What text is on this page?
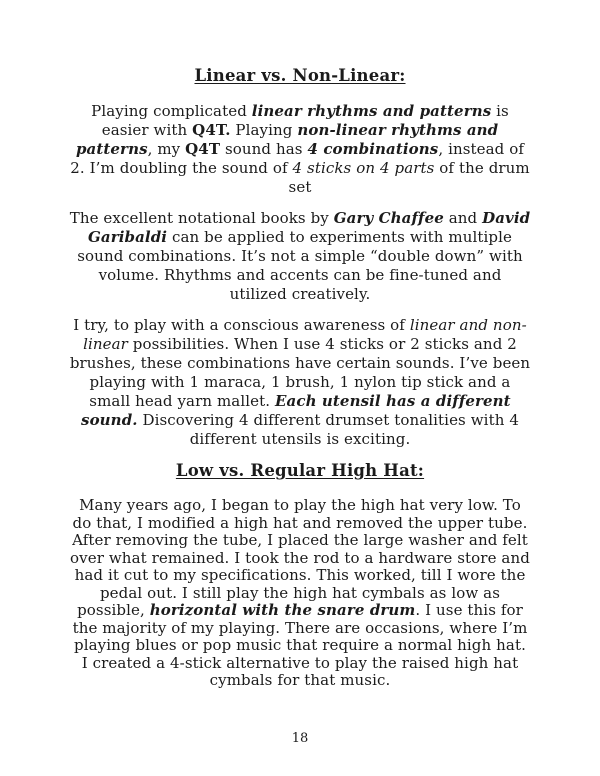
Linear vs. Non-Linear:

Playing complicated linear rhythms and patterns is easier with Q4T. Playing non-linear rhythms and patterns, my Q4T sound has 4 combinations, instead of 2. I’m doubling the sound of 4 sticks on 4 parts of the drum set

The excellent notational books by Gary Chaffee and David Garibaldi can be applied to experiments with multiple sound combinations. It’s not a simple “double down” with volume. Rhythms and accents can be fine-tuned and utilized creatively.

I try, to play with a conscious awareness of linear and non-linear possibilities. When I use 4 sticks or 2 sticks and 2 brushes, these combinations have certain sounds. I’ve been playing with 1 maraca, 1 brush, 1 nylon tip stick and a small head yarn mallet. Each utensil has a different sound. Discovering 4 different drumset tonalities with 4 different utensils is exciting.

Low vs. Regular High Hat:

Many years ago, I began to play the high hat very low. To do that, I modified a high hat and removed the upper tube. After removing the tube, I placed the large washer and felt over what remained. I took the rod to a hardware store and had it cut to my specifications. This worked, till I wore the pedal out. I still play the high hat cymbals as low as possible, horizontal with the snare drum. I use this for the majority of my playing. There are occasions, where I’m playing blues or pop music that require a normal high hat. I created a 4-stick alternative to play the raised high hat cymbals for that music.

18
